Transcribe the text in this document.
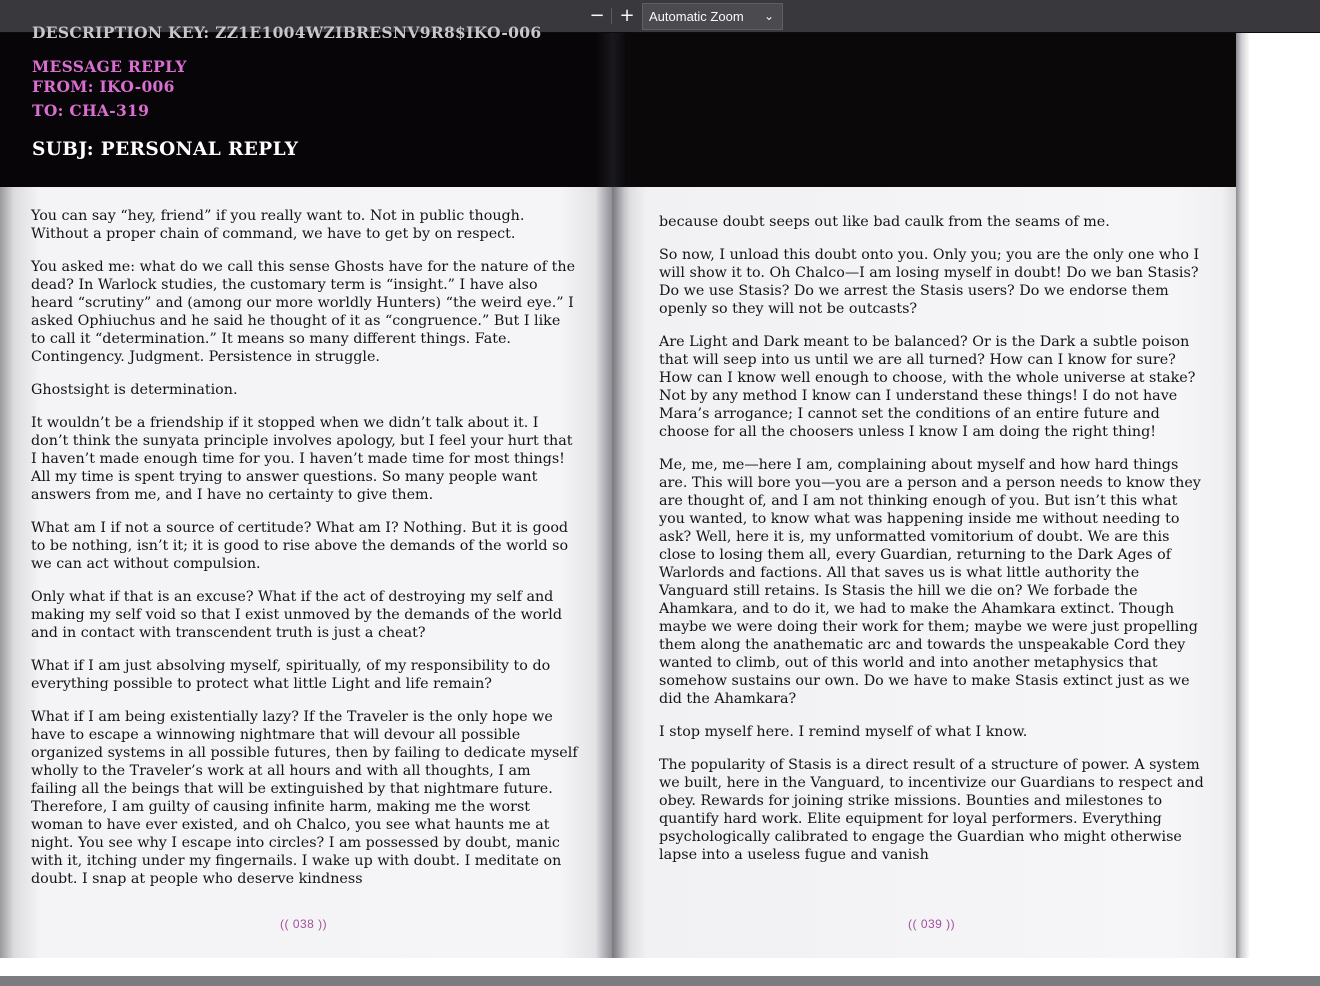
− +	Automatic Zoom ⌄
DESCRIPTION KEY: ZZ1E1004WZIBRESNV9R8$IKO-006
MESSAGE REPLY
FROM: IKO-006
TO: CHA-319
SUBJ: PERSONAL REPLY

You can say “hey, friend” if you really want to. Not in public though. Without a proper chain of command, we have to get by on respect.

You asked me: what do we call this sense Ghosts have for the nature of the dead? In Warlock studies, the customary term is “insight.” I have also heard “scrutiny” and (among our more worldly Hunters) “the weird eye.” I asked Ophiuchus and he said he thought of it as “congruence.” But I like to call it “determination.” It means so many different things. Fate. Contingency. Judgment. Persistence in struggle.

Ghostsight is determination.

It wouldn’t be a friendship if it stopped when we didn’t talk about it. I don’t think the sunyata principle involves apology, but I feel your hurt that I haven’t made enough time for you. I haven’t made time for most things! All my time is spent trying to answer questions. So many people want answers from me, and I have no certainty to give them.

What am I if not a source of certitude? What am I? Nothing. But it is good to be nothing, isn’t it; it is good to rise above the demands of the world so we can act without compulsion.

Only what if that is an excuse? What if the act of destroying my self and making my self void so that I exist unmoved by the demands of the world and in contact with transcendent truth is just a cheat?

What if I am just absolving myself, spiritually, of my responsibility to do everything possible to protect what little Light and life remain?

What if I am being existentially lazy? If the Traveler is the only hope we have to escape a winnowing nightmare that will devour all possible organized systems in all possible futures, then by failing to dedicate myself wholly to the Traveler’s work at all hours and with all thoughts, I am failing all the beings that will be extinguished by that nightmare future. Therefore, I am guilty of causing infinite harm, making me the worst woman to have ever existed, and oh Chalco, you see what haunts me at night. You see why I escape into circles? I am possessed by doubt, manic with it, itching under my fingernails. I wake up with doubt. I meditate on doubt. I snap at people who deserve kindness

because doubt seeps out like bad caulk from the seams of me.

So now, I unload this doubt onto you. Only you; you are the only one who I will show it to. Oh Chalco—I am losing myself in doubt! Do we ban Stasis? Do we use Stasis? Do we arrest the Stasis users? Do we endorse them openly so they will not be outcasts?

Are Light and Dark meant to be balanced? Or is the Dark a subtle poison that will seep into us until we are all turned? How can I know for sure? How can I know well enough to choose, with the whole universe at stake? Not by any method I know can I understand these things! I do not have Mara’s arrogance; I cannot set the conditions of an entire future and choose for all the choosers unless I know I am doing the right thing!

Me, me, me—here I am, complaining about myself and how hard things are. This will bore you—you are a person and a person needs to know they are thought of, and I am not thinking enough of you. But isn’t this what you wanted, to know what was happening inside me without needing to ask? Well, here it is, my unformatted vomitorium of doubt. We are this close to losing them all, every Guardian, returning to the Dark Ages of Warlords and factions. All that saves us is what little authority the Vanguard still retains. Is Stasis the hill we die on? We forbade the Ahamkara, and to do it, we had to make the Ahamkara extinct. Though maybe we were doing their work for them; maybe we were just propelling them along the anathematic arc and towards the unspeakable Cord they wanted to climb, out of this world and into another metaphysics that somehow sustains our own. Do we have to make Stasis extinct just as we did the Ahamkara?

I stop myself here. I remind myself of what I know.

The popularity of Stasis is a direct result of a structure of power. A system we built, here in the Vanguard, to incentivize our Guardians to respect and obey. Rewards for joining strike missions. Bounties and milestones to quantify hard work. Elite equipment for loyal performers. Everything psychologically calibrated to engage the Guardian who might otherwise lapse into a useless fugue and vanish

(( 038 ))	(( 039 ))
